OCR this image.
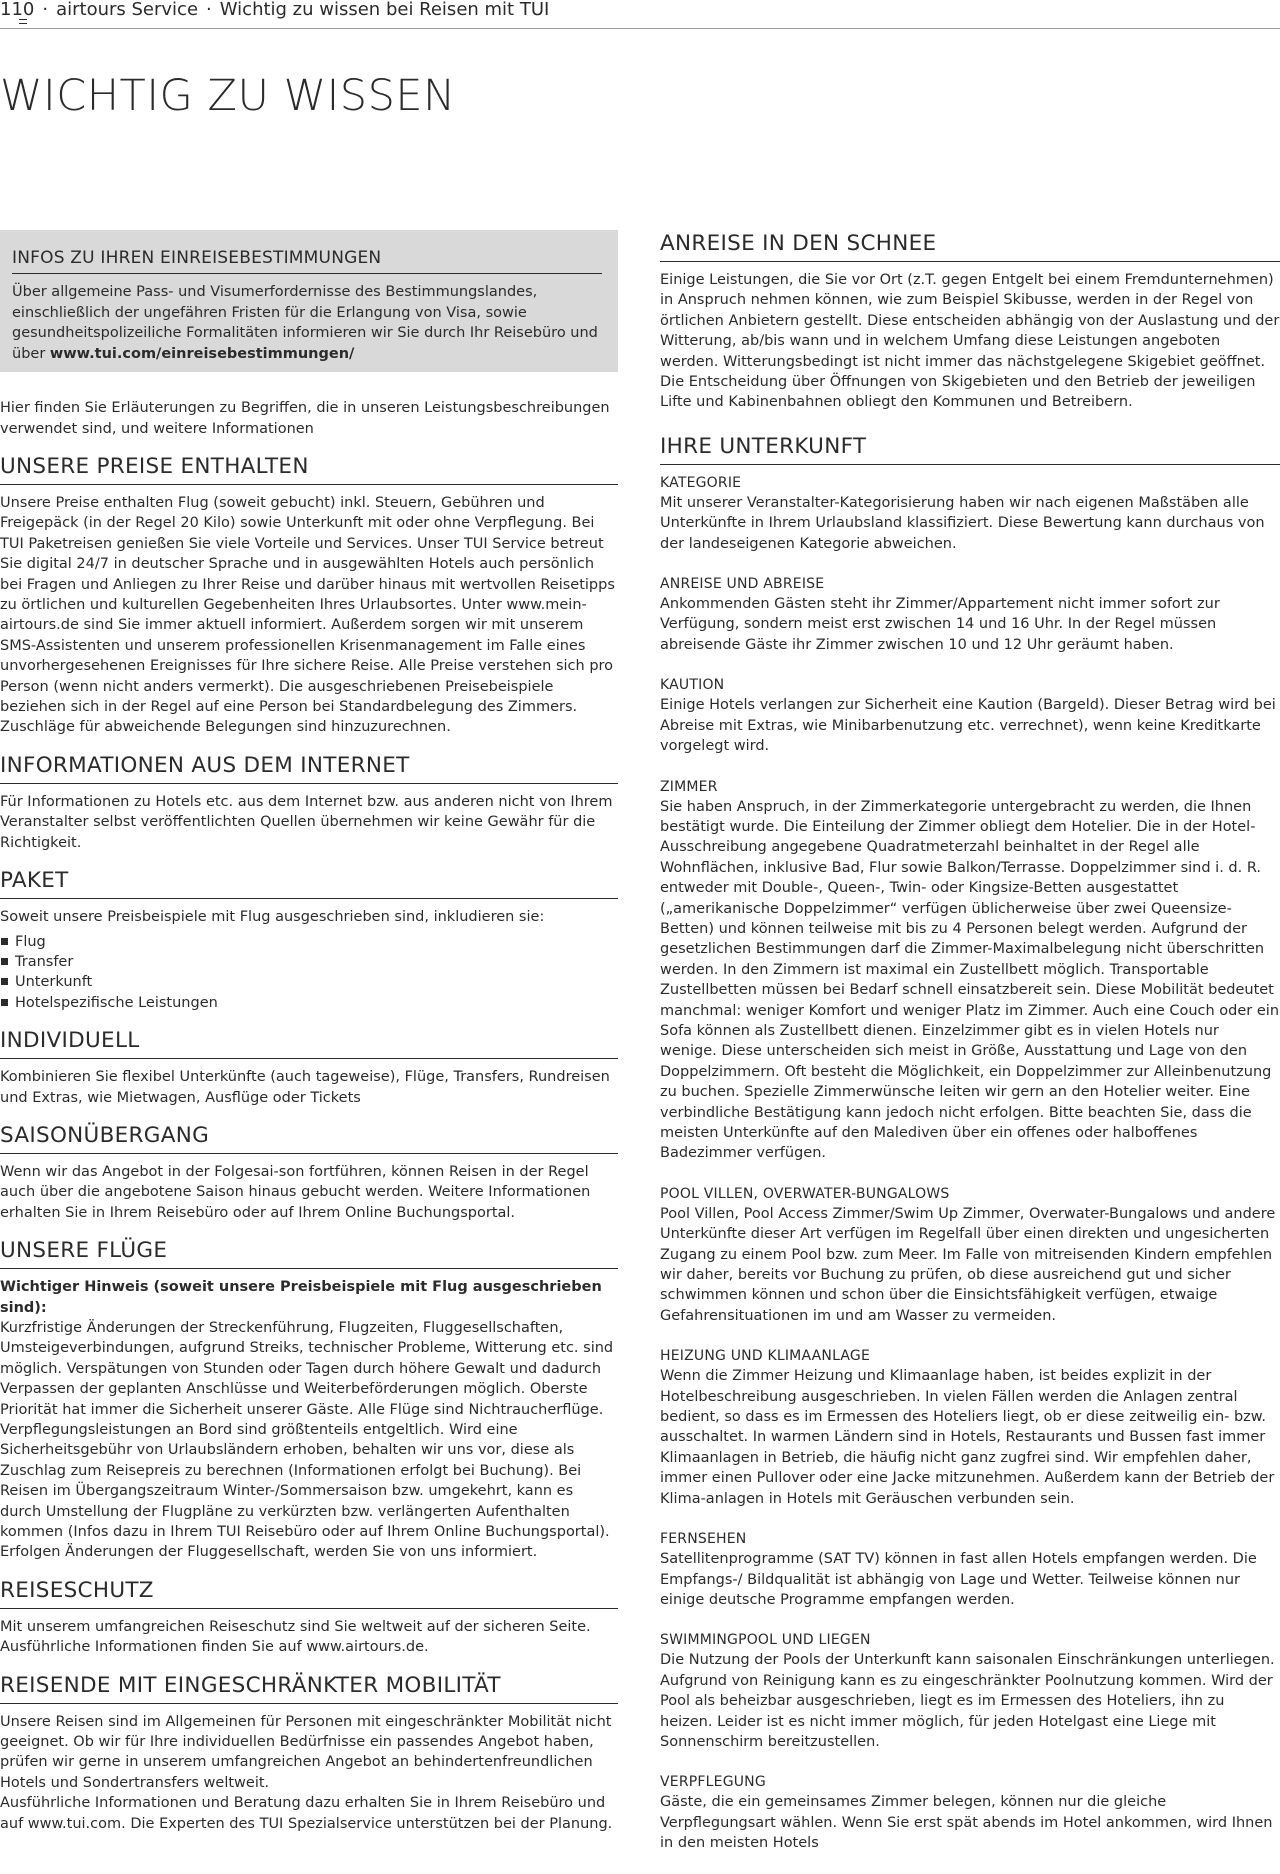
110 · airtours Service · Wichtig zu wissen bei Reisen mit TUI
WICHTIG ZU WISSEN
INFOS ZU IHREN EINREISEBESTIMMUNGEN

Über allgemeine Pass- und Visumerfordernisse des Bestimmungslandes, einschließlich der ungefähren Fristen für die Erlangung von Visa, sowie gesundheitspolizeiliche Formalitäten informieren wir Sie durch Ihr Reisebüro und über www.tui.com/einreisebestimmungen/

Hier finden Sie Erläuterungen zu Begriffen, die in unseren Leistungsbeschreibungen verwendet sind, und weitere Informationen

UNSERE PREISE ENTHALTEN

Unsere Preise enthalten Flug (soweit gebucht) inkl. Steuern, Gebühren und Freigepäck (in der Regel 20 Kilo) sowie Unterkunft mit oder ohne Verpflegung. Bei TUI Paketreisen genießen Sie viele Vorteile und Services. Unser TUI Service betreut Sie digital 24/7 in deutscher Sprache und in ausgewählten Hotels auch persönlich bei Fragen und Anliegen zu Ihrer Reise und darüber hinaus mit wertvollen Reisetipps zu örtlichen und kulturellen Gegebenheiten Ihres Urlaubsortes. Unter www.mein-airtours.de sind Sie immer aktuell informiert. Außerdem sorgen wir mit unserem SMS-Assistenten und unserem professionellen Krisenmanagement im Falle eines unvorhergesehenen Ereignisses für Ihre sichere Reise. Alle Preise verstehen sich pro Person (wenn nicht anders vermerkt). Die ausgeschriebenen Preisebeispiele beziehen sich in der Regel auf eine Person bei Standardbelegung des Zimmers. Zuschläge für abweichende Belegungen sind hinzuzurechnen.

INFORMATIONEN AUS DEM INTERNET

Für Informationen zu Hotels etc. aus dem Internet bzw. aus anderen nicht von Ihrem Veranstalter selbst veröffentlichten Quellen übernehmen wir keine Gewähr für die Richtigkeit.

PAKET

Soweit unsere Preisbeispiele mit Flug ausgeschrieben sind, inkludieren sie:

Flug
Transfer
Unterkunft
Hotelspezifische Leistungen
INDIVIDUELL

Kombinieren Sie flexibel Unterkünfte (auch tageweise), Flüge, Transfers, Rundreisen und Extras, wie Mietwagen, Ausflüge oder Tickets

SAISONÜBERGANG

Wenn wir das Angebot in der Folgesai-son fortführen, können Reisen in der Regel auch über die angebotene Saison hinaus gebucht werden. Weitere Informationen erhalten Sie in Ihrem Reisebüro oder auf Ihrem Online Buchungsportal.

UNSERE FLÜGE

Wichtiger Hinweis (soweit unsere Preisbeispiele mit Flug ausgeschrieben sind):

Kurzfristige Änderungen der Streckenführung, Flugzeiten, Fluggesellschaften, Umsteigeverbindungen, aufgrund Streiks, technischer Probleme, Witterung etc. sind möglich. Verspätungen von Stunden oder Tagen durch höhere Gewalt und dadurch Verpassen der geplanten Anschlüsse und Weiterbeförderungen möglich. Oberste Priorität hat immer die Sicherheit unserer Gäste. Alle Flüge sind Nichtraucherflüge. Verpflegungsleistungen an Bord sind größtenteils entgeltlich. Wird eine Sicherheitsgebühr von Urlaubsländern erhoben, behalten wir uns vor, diese als Zuschlag zum Reisepreis zu berechnen (Informationen erfolgt bei Buchung). Bei Reisen im Übergangszeitraum Winter-/Sommersaison bzw. umgekehrt, kann es durch Umstellung der Flugpläne zu verkürzten bzw. verlängerten Aufenthalten kommen (Infos dazu in Ihrem TUI Reisebüro oder auf Ihrem Online Buchungsportal). Erfolgen Änderungen der Fluggesellschaft, werden Sie von uns informiert.

REISESCHUTZ

Mit unserem umfangreichen Reiseschutz sind Sie weltweit auf der sicheren Seite. Ausführliche Informationen finden Sie auf www.airtours.de.

REISENDE MIT EINGESCHRÄNKTER MOBILITÄT

Unsere Reisen sind im Allgemeinen für Personen mit eingeschränkter Mobilität nicht geeignet. Ob wir für Ihre individuellen Bedürfnisse ein passendes Angebot haben, prüfen wir gerne in unserem umfangreichen Angebot an behindertenfreundlichen Hotels und Sondertransfers weltweit.

Ausführliche Informationen und Beratung dazu erhalten Sie in Ihrem Reisebüro und auf www.tui.com. Die Experten des TUI Spezialservice unterstützen bei der Planung.

ANREISE IN DEN SCHNEE

Einige Leistungen, die Sie vor Ort (z.T. gegen Entgelt bei einem Fremdunternehmen) in Anspruch nehmen können, wie zum Beispiel Skibusse, werden in der Regel von örtlichen Anbietern gestellt. Diese entscheiden abhängig von der Auslastung und der Witterung, ab/bis wann und in welchem Umfang diese Leistungen angeboten werden. Witterungsbedingt ist nicht immer das nächstgelegene Skigebiet geöffnet. Die Entscheidung über Öffnungen von Skigebieten und den Betrieb der jeweiligen Lifte und Kabinenbahnen obliegt den Kommunen und Betreibern.

IHRE UNTERKUNFT
KATEGORIE

Mit unserer Veranstalter-Kategorisierung haben wir nach eigenen Maßstäben alle Unterkünfte in Ihrem Urlaubsland klassifiziert. Diese Bewertung kann durchaus von der landeseigenen Kategorie abweichen.

ANREISE UND ABREISE

Ankommenden Gästen steht ihr Zimmer/Appartement nicht immer sofort zur Verfügung, sondern meist erst zwischen 14 und 16 Uhr. In der Regel müssen abreisende Gäste ihr Zimmer zwischen 10 und 12 Uhr geräumt haben.

KAUTION

Einige Hotels verlangen zur Sicherheit eine Kaution (Bargeld). Dieser Betrag wird bei Abreise mit Extras, wie Minibarbenutzung etc. verrechnet), wenn keine Kreditkarte vorgelegt wird.

ZIMMER

Sie haben Anspruch, in der Zimmerkategorie untergebracht zu werden, die Ihnen bestätigt wurde. Die Einteilung der Zimmer obliegt dem Hotelier. Die in der Hotel-Ausschreibung angegebene Quadratmeterzahl beinhaltet in der Regel alle Wohnflächen, inklusive Bad, Flur sowie Balkon/Terrasse. Doppelzimmer sind i. d. R. entweder mit Double-, Queen-, Twin- oder Kingsize-Betten ausgestattet („amerikanische Doppelzimmer“ verfügen üblicherweise über zwei Queensize- Betten) und können teilweise mit bis zu 4 Personen belegt werden. Aufgrund der gesetzlichen Bestimmungen darf die Zimmer-Maximalbelegung nicht überschritten werden. In den Zimmern ist maximal ein Zustellbett möglich. Transportable Zustellbetten müssen bei Bedarf schnell einsatzbereit sein. Diese Mobilität bedeutet manchmal: weniger Komfort und weniger Platz im Zimmer. Auch eine Couch oder ein Sofa können als Zustellbett dienen. Einzelzimmer gibt es in vielen Hotels nur wenige. Diese unterscheiden sich meist in Größe, Ausstattung und Lage von den Doppelzimmern. Oft besteht die Möglichkeit, ein Doppelzimmer zur Alleinbenutzung zu buchen. Spezielle Zimmerwünsche leiten wir gern an den Hotelier weiter. Eine verbindliche Bestätigung kann jedoch nicht erfolgen. Bitte beachten Sie, dass die meisten Unterkünfte auf den Malediven über ein offenes oder halboffenes Badezimmer verfügen.

POOL VILLEN, OVERWATER-BUNGALOWS

Pool Villen, Pool Access Zimmer/Swim Up Zimmer, Overwater-Bungalows und andere Unterkünfte dieser Art verfügen im Regelfall über einen direkten und ungesicherten Zugang zu einem Pool bzw. zum Meer. Im Falle von mitreisenden Kindern empfehlen wir daher, bereits vor Buchung zu prüfen, ob diese ausreichend gut und sicher schwimmen können und schon über die Einsichtsfähigkeit verfügen, etwaige Gefahrensituationen im und am Wasser zu vermeiden.

HEIZUNG UND KLIMAANLAGE

Wenn die Zimmer Heizung und Klimaanlage haben, ist beides explizit in der Hotelbeschreibung ausgeschrieben. In vielen Fällen werden die Anlagen zentral bedient, so dass es im Ermessen des Hoteliers liegt, ob er diese zeitweilig ein- bzw. ausschaltet. In warmen Ländern sind in Hotels, Restaurants und Bussen fast immer Klimaanlagen in Betrieb, die häufig nicht ganz zugfrei sind. Wir empfehlen daher, immer einen Pullover oder eine Jacke mitzunehmen. Außerdem kann der Betrieb der Klima-anlagen in Hotels mit Geräuschen verbunden sein.

FERNSEHEN

Satellitenprogramme (SAT TV) können in fast allen Hotels empfangen werden. Die Empfangs-/ Bildqualität ist abhängig von Lage und Wetter. Teilweise können nur einige deutsche Programme empfangen werden.

SWIMMINGPOOL UND LIEGEN

Die Nutzung der Pools der Unterkunft kann saisonalen Einschränkungen unterliegen. Aufgrund von Reinigung kann es zu eingeschränkter Poolnutzung kommen. Wird der Pool als beheizbar ausgeschrieben, liegt es im Ermessen des Hoteliers, ihn zu heizen. Leider ist es nicht immer möglich, für jeden Hotelgast eine Liege mit Sonnenschirm bereitzustellen.

VERPFLEGUNG

Gäste, die ein gemeinsames Zimmer belegen, können nur die gleiche Verpflegungsart wählen. Wenn Sie erst spät abends im Hotel ankommen, wird Ihnen in den meisten Hotels
